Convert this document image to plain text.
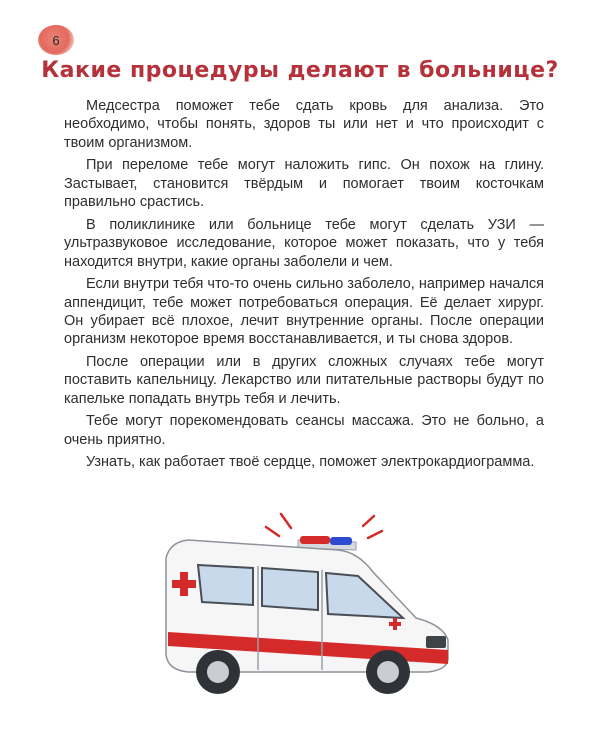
6
Какие процедуры делают в больнице?

Медсестра поможет тебе сдать кровь для анализа. Это необходимо, чтобы понять, здоров ты или нет и что происходит с твоим организмом.

При переломе тебе могут наложить гипс. Он похож на глину. Застывает, становится твёрдым и помогает твоим косточкам правильно срастись.

В поликлинике или больнице тебе могут сделать УЗИ — ультразвуковое исследование, которое может показать, что у тебя находится внутри, какие органы заболели и чем.

Если внутри тебя что-то очень сильно заболело, например начался аппендицит, тебе может потребоваться операция. Её делает хирург. Он убирает всё плохое, лечит внутренние органы. После операции организм некоторое время восстанавливается, и ты снова здоров.

После операции или в других сложных случаях тебе могут поставить капельницу. Лекарство или питательные растворы будут по капельке попадать внутрь тебя и лечить.

Тебе могут порекомендовать сеансы массажа. Это не больно, а очень приятно.

Узнать, как работает твоё сердце, поможет электрокардиограмма.
